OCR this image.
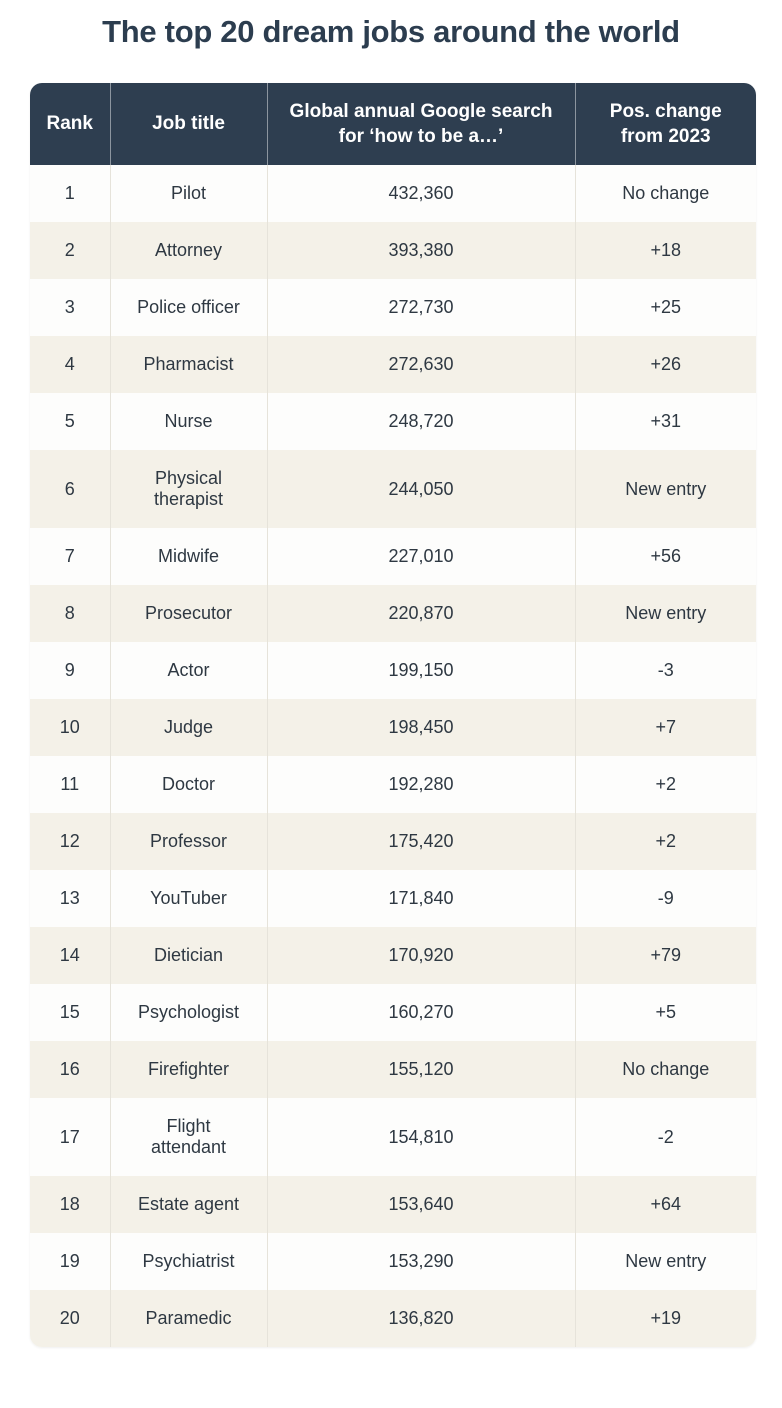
The top 20 dream jobs around the world
Rank	Job title	Global annual Google search for ‘how to be a…’	Pos. change from 2023
1	Pilot	432,360	No change
2	Attorney	393,380	+18
3	Police officer	272,730	+25
4	Pharmacist	272,630	+26
5	Nurse	248,720	+31
6	Physical therapist	244,050	New entry
7	Midwife	227,010	+56
8	Prosecutor	220,870	New entry
9	Actor	199,150	-3
10	Judge	198,450	+7
11	Doctor	192,280	+2
12	Professor	175,420	+2
13	YouTuber	171,840	-9
14	Dietician	170,920	+79
15	Psychologist	160,270	+5
16	Firefighter	155,120	No change
17	Flight attendant	154,810	-2
18	Estate agent	153,640	+64
19	Psychiatrist	153,290	New entry
20	Paramedic	136,820	+19
